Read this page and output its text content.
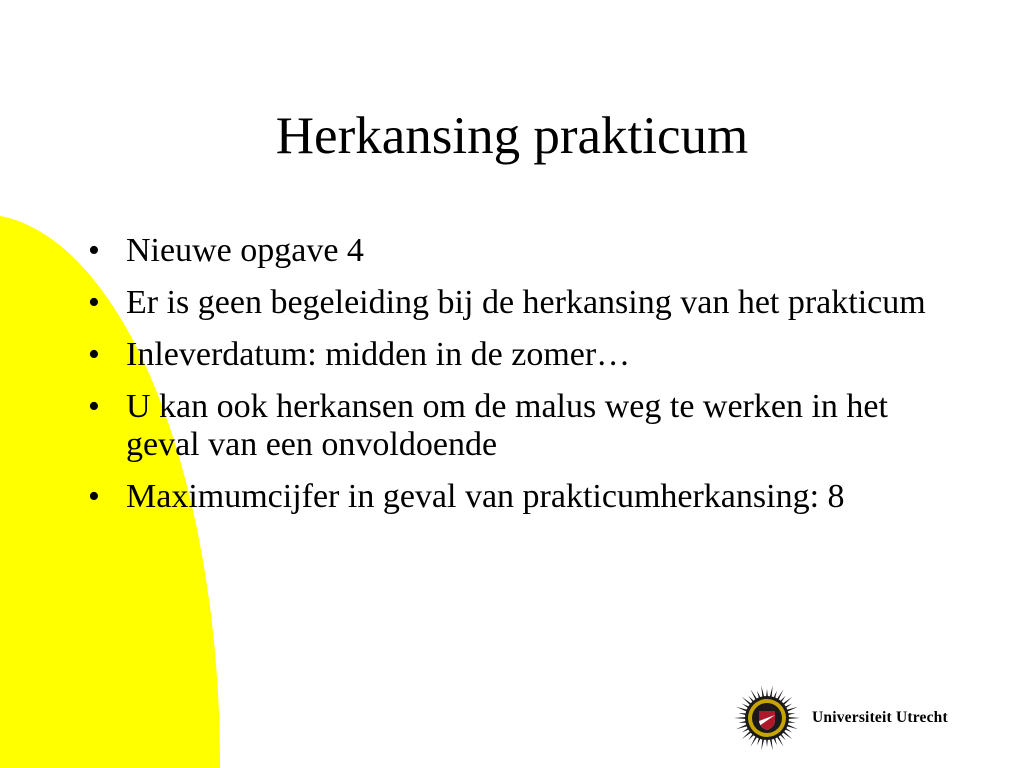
Herkansing prakticum
• Nieuwe opgave 4
• Er is geen begeleiding bij de herkansing van het prakticum
• Inleverdatum: midden in de zomer…
• U kan ook herkansen om de malus weg te werken in het geval van een onvoldoende
• Maximumcijfer in geval van prakticumherkansing: 8
Universiteit Utrecht
